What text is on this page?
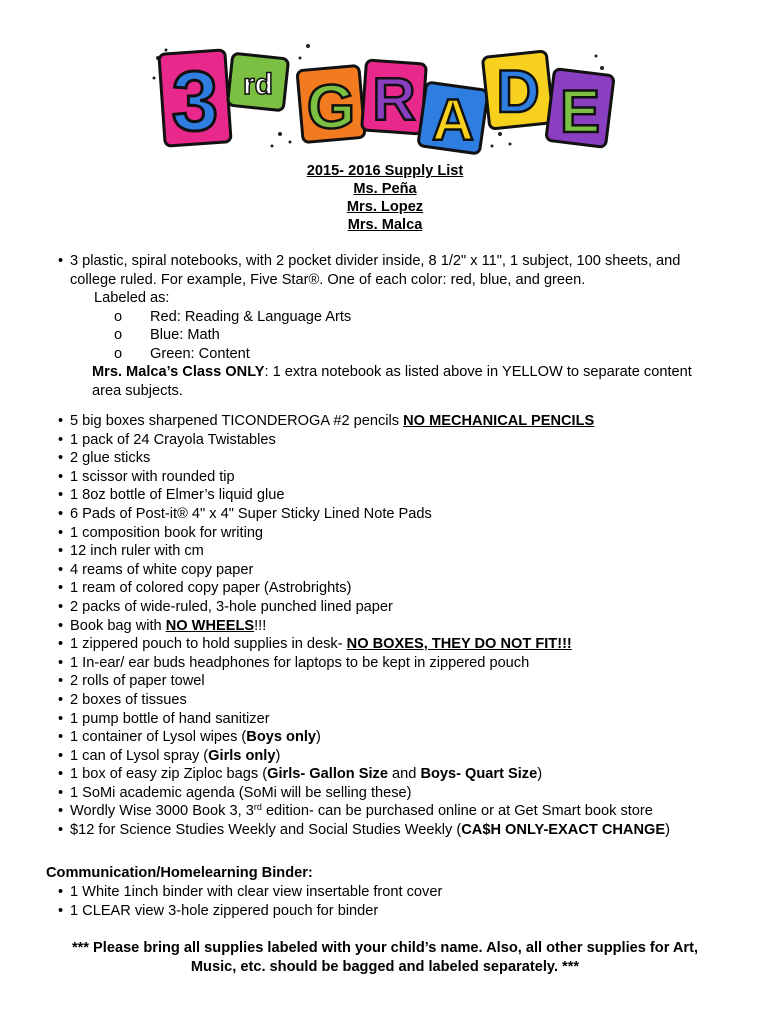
3 rd G R A D E
2015- 2016 Supply List
Ms. Peña
Mrs. Lopez
Mrs. Malca
• 3 plastic, spiral notebooks, with 2 pocket divider inside, 8 1/2" x 11", 1 subject, 100 sheets, and college ruled. For example, Five Star®. One of each color: red, blue, and green.
Labeled as:
o Red: Reading & Language Arts
o Blue: Math
o Green: Content
Mrs. Malca’s Class ONLY: 1 extra notebook as listed above in YELLOW to separate content area subjects.
• 5 big boxes sharpened TICONDEROGA #2 pencils NO MECHANICAL PENCILS
• 1 pack of 24 Crayola Twistables
• 2 glue sticks
• 1 scissor with rounded tip
• 1 8oz bottle of Elmer’s liquid glue
• 6 Pads of Post-it® 4" x 4" Super Sticky Lined Note Pads
• 1 composition book for writing
• 12 inch ruler with cm
• 4 reams of white copy paper
• 1 ream of colored copy paper (Astrobrights)
• 2 packs of wide-ruled, 3-hole punched lined paper
• Book bag with NO WHEELS!!!
• 1 zippered pouch to hold supplies in desk- NO BOXES, THEY DO NOT FIT!!!
• 1 In-ear/ ear buds headphones for laptops to be kept in zippered pouch
• 2 rolls of paper towel
• 2 boxes of tissues
• 1 pump bottle of hand sanitizer
• 1 container of Lysol wipes (Boys only)
• 1 can of Lysol spray (Girls only)
• 1 box of easy zip Ziploc bags (Girls- Gallon Size and Boys- Quart Size)
• 1 SoMi academic agenda (SoMi will be selling these)
• Wordly Wise 3000 Book 3, 3rd edition- can be purchased online or at Get Smart book store
• $12 for Science Studies Weekly and Social Studies Weekly (CA$H ONLY-EXACT CHANGE)
Communication/Homelearning Binder:
• 1 White 1inch binder with clear view insertable front cover
• 1 CLEAR view 3-hole zippered pouch for binder
*** Please bring all supplies labeled with your child’s name. Also, all other supplies for Art,
Music, etc. should be bagged and labeled separately. ***
